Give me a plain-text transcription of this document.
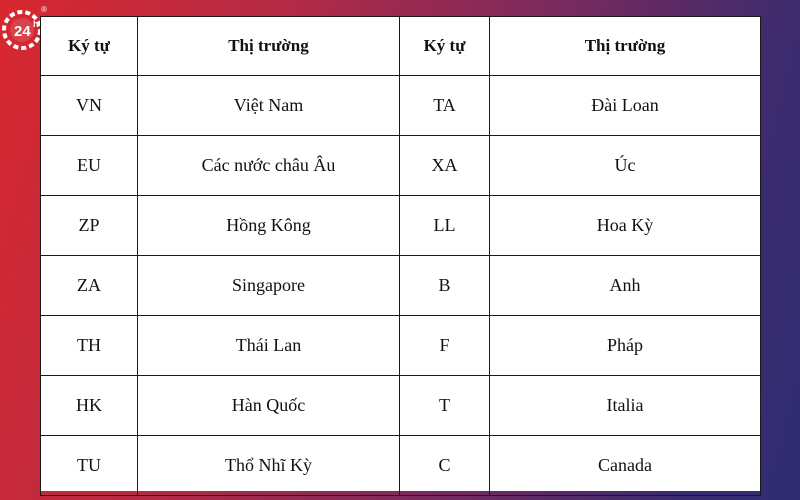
24 h
®
Ký tự	Thị trường	Ký tự	Thị trường
VN	Việt Nam	TA	Đài Loan
EU	Các nước châu Âu	XA	Úc
ZP	Hồng Kông	LL	Hoa Kỳ
ZA	Singapore	B	Anh
TH	Thái Lan	F	Pháp
HK	Hàn Quốc	T	Italia
TU	Thổ Nhĩ Kỳ	C	Canada
